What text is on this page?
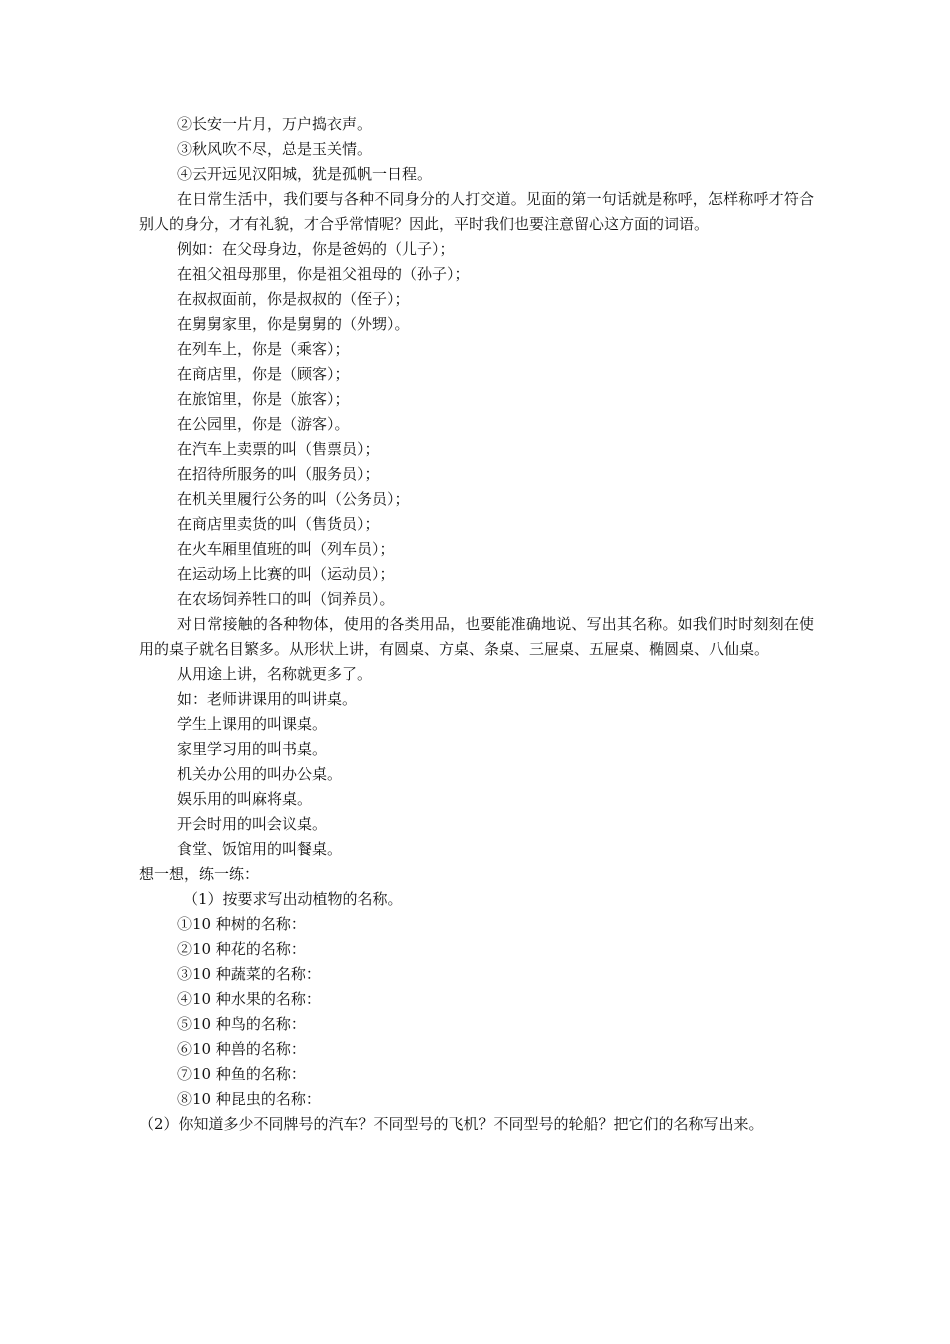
②长安一片月，万户捣衣声。
③秋风吹不尽，总是玉关情。
④云开远见汉阳城，犹是孤帆一日程。
在日常生活中，我们要与各种不同身分的人打交道。见面的第一句话就是称呼，怎样称呼才符合别人的身分，才有礼貌，才合乎常情呢？因此，平时我们也要注意留心这方面的词语。
例如：在父母身边，你是爸妈的（儿子）；
在祖父祖母那里，你是祖父祖母的（孙子）；
在叔叔面前，你是叔叔的（侄子）；
在舅舅家里，你是舅舅的（外甥）。
在列车上，你是（乘客）；
在商店里，你是（顾客）；
在旅馆里，你是（旅客）；
在公园里，你是（游客）。
在汽车上卖票的叫（售票员）；
在招待所服务的叫（服务员）；
在机关里履行公务的叫（公务员）；
在商店里卖货的叫（售货员）；
在火车厢里值班的叫（列车员）；
在运动场上比赛的叫（运动员）；
在农场饲养牲口的叫（饲养员）。
对日常接触的各种物体，使用的各类用品，也要能准确地说、写出其名称。如我们时时刻刻在使用的桌子就名目繁多。从形状上讲，有圆桌、方桌、条桌、三屉桌、五屉桌、椭圆桌、八仙桌。
从用途上讲，名称就更多了。
如：老师讲课用的叫讲桌。
学生上课用的叫课桌。
家里学习用的叫书桌。
机关办公用的叫办公桌。
娱乐用的叫麻将桌。
开会时用的叫会议桌。
食堂、饭馆用的叫餐桌。
想一想，练一练：
（1）按要求写出动植物的名称。
①10 种树的名称：
②10 种花的名称：
③10 种蔬菜的名称：
④10 种水果的名称：
⑤10 种鸟的名称：
⑥10 种兽的名称：
⑦10 种鱼的名称：
⑧10 种昆虫的名称：
（2）你知道多少不同牌号的汽车？不同型号的飞机？不同型号的轮船？把它们的名称写出来。
